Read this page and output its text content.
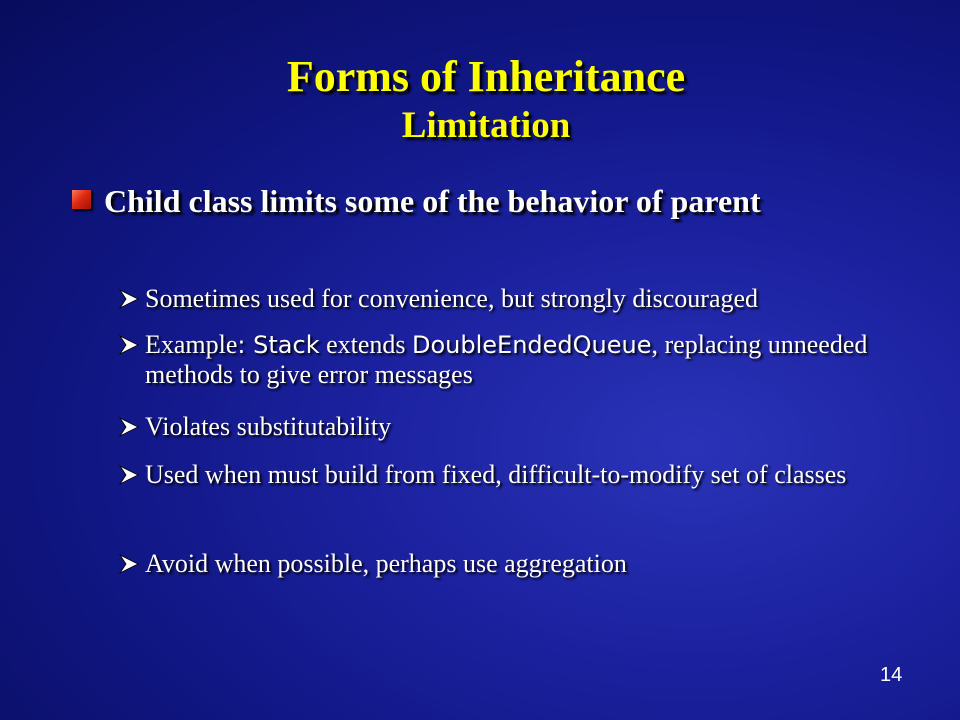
Forms of Inheritance
Limitation
Child class limits some of the behavior of parent
Sometimes used for convenience, but strongly discouraged
Example: Stack extends DoubleEndedQueue, replacing unneeded methods to give error messages
Violates substitutability
Used when must build from fixed, difficult-to-modify set of classes
Avoid when possible, perhaps use aggregation
14
